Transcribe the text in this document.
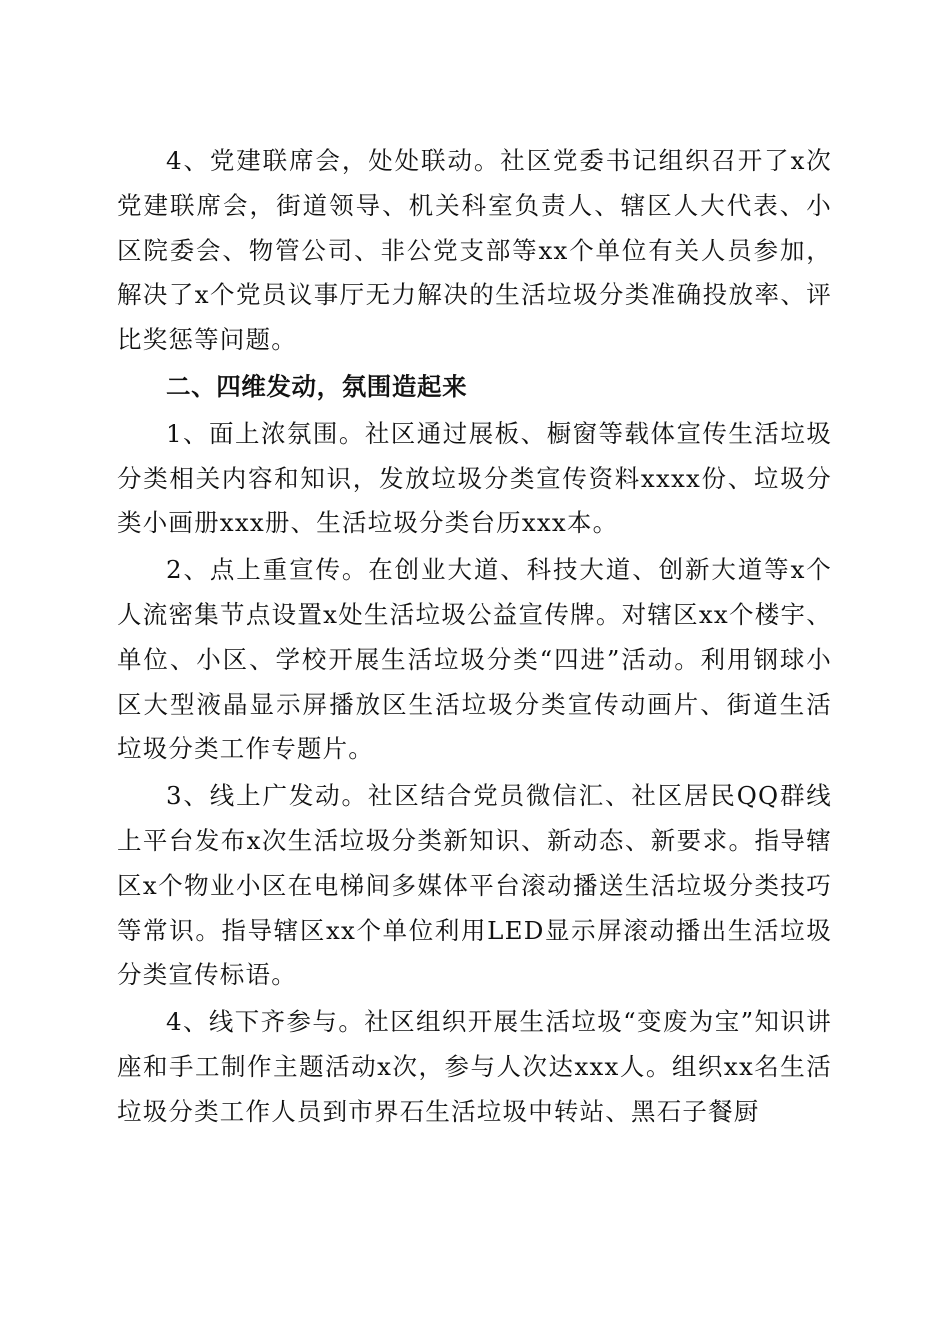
4、党建联席会，处处联动。社区党委书记组织召开了x次党建联席会，街道领导、机关科室负责人、辖区人大代表、小区院委会、物管公司、非公党支部等xx个单位有关人员参加，解决了x个党员议事厅无力解决的生活垃圾分类准确投放率、评比奖惩等问题。

二、四维发动，氛围造起来

1、面上浓氛围。社区通过展板、橱窗等载体宣传生活垃圾分类相关内容和知识，发放垃圾分类宣传资料xxxx份、垃圾分类小画册xxx册、生活垃圾分类台历xxx本。

2、点上重宣传。在创业大道、科技大道、创新大道等x个人流密集节点设置x处生活垃圾公益宣传牌。对辖区xx个楼宇、单位、小区、学校开展生活垃圾分类“四进”活动。利用钢球小区大型液晶显示屏播放区生活垃圾分类宣传动画片、街道生活垃圾分类工作专题片。

3、线上广发动。社区结合党员微信汇、社区居民QQ群线上平台发布x次生活垃圾分类新知识、新动态、新要求。指导辖区x个物业小区在电梯间多媒体平台滚动播送生活垃圾分类技巧等常识。指导辖区xx个单位利用LED显示屏滚动播出生活垃圾分类宣传标语。

4、线下齐参与。社区组织开展生活垃圾“变废为宝”知识讲座和手工制作主题活动x次，参与人次达xxx人。组织xx名生活垃圾分类工作人员到市界石生活垃圾中转站、黑石子餐厨
